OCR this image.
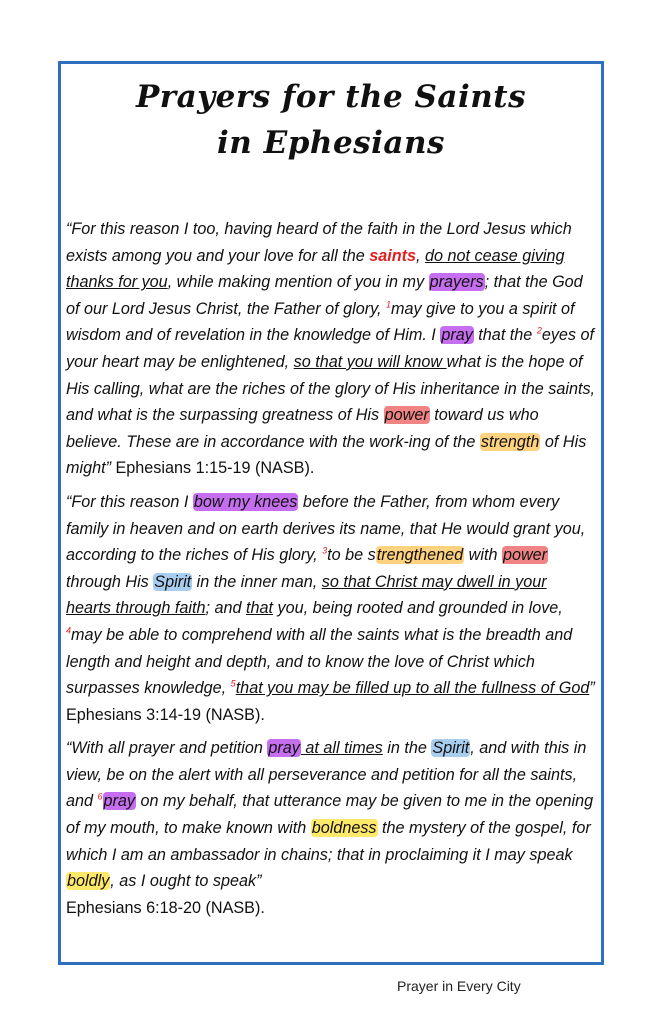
Prayers for the Saints
in Ephesians

“For this reason I too, having heard of the faith in the Lord Jesus which exists among you and your love for all the saints, do not cease giving thanks for you, while making mention of you in my prayers; that the God of our Lord Jesus Christ, the Father of glory, $^1$may give to you a spirit of wisdom and of revelation in the knowledge of Him. I pray that the $^2$eyes of your heart may be enlightened, so that you will know what is the hope of His calling, what are the riches of the glory of His inheritance in the saints, and what is the surpassing greatness of His power toward us who believe. These are in accordance with the work-ing of the strength of His might” Ephesians 1:15-19 (NASB).

“For this reason I bow my knees before the Father, from whom every family in heaven and on earth derives its name, that He would grant you, according to the riches of His glory, $^3$to be strengthened with power through His Spirit in the inner man, so that Christ may dwell in your hearts through faith; and that you, being rooted and grounded in love, $^4$may be able to comprehend with all the saints what is the breadth and length and height and depth, and to know the love of Christ which surpasses knowledge, $^5$that you may be filled up to all the fullness of God” Ephesians 3:14-19 (NASB).

“With all prayer and petition pray at all times in the Spirit, and with this in view, be on the alert with all perseverance and petition for all the saints, and $^6$pray on my behalf, that utterance may be given to me in the opening of my mouth, to make known with boldness the mystery of the gospel, for which I am an ambassador in chains; that in proclaiming it I may speak boldly, as I ought to speak”
Ephesians 6:18-20 (NASB).

Prayer in Every City
